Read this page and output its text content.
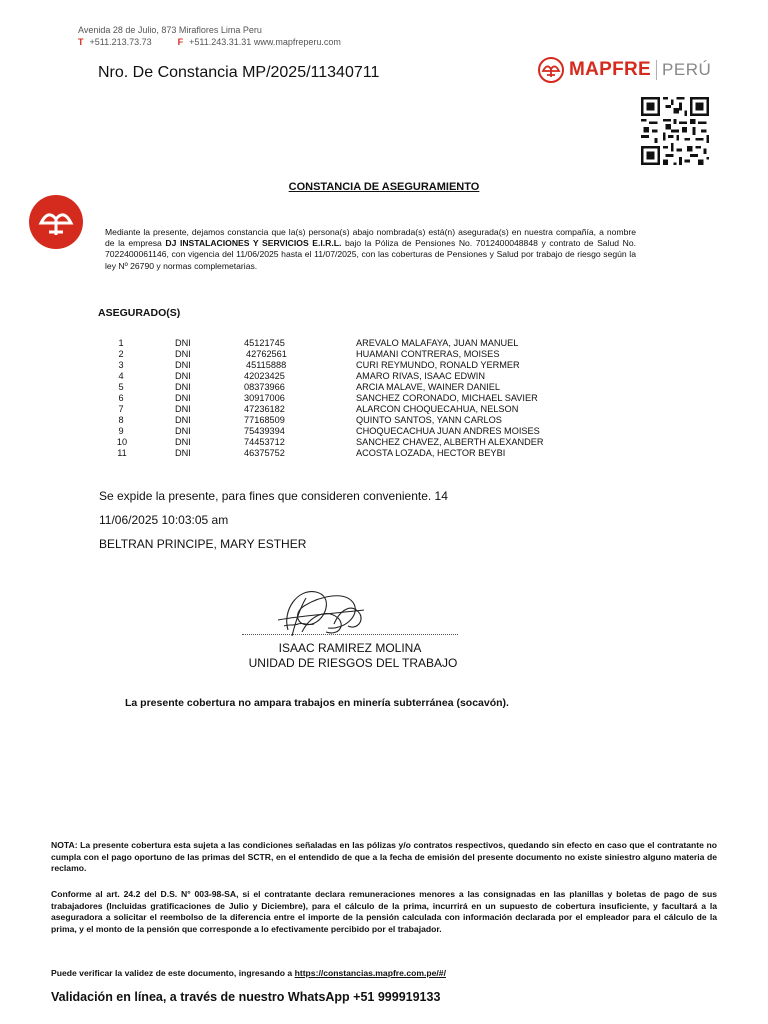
Avenida 28 de Julio, 873 Miraflores Lima Peru
T +511.213.73.73	F +511.243.31.31 www.mapfreperu.com
Nro. De Constancia MP/2025/11340711	MAPFRE PERÚ
CONSTANCIA DE ASEGURAMIENTO
Mediante la presente, dejamos constancia que la(s) persona(s) abajo nombrada(s) está(n) asegurada(s) en nuestra compañía, a nombre de la empresa DJ INSTALACIONES Y SERVICIOS E.I.R.L. bajo la Póliza de Pensiones No. 7012400048848 y contrato de Salud No. 7022400061146, con vigencia del 11/06/2025 hasta el 11/07/2025, con las coberturas de Pensiones y Salud por trabajo de riesgo según la ley Nº 26790 y normas complemetarias.
ASEGURADO(S)
1	DNI	45121745	AREVALO MALAFAYA, JUAN MANUEL
2	DNI	42762561	HUAMANI CONTRERAS, MOISES
3	DNI	45115888	CURI REYMUNDO, RONALD YERMER
4	DNI	42023425	AMARO RIVAS, ISAAC EDWIN
5	DNI	08373966	ARCIA MALAVE, WAINER DANIEL
6	DNI	30917006	SANCHEZ CORONADO, MICHAEL SAVIER
7	DNI	47236182	ALARCON CHOQUECAHUA, NELSON
8	DNI	77168509	QUINTO SANTOS, YANN CARLOS
9	DNI	75439394	CHOQUECACHUA JUAN ANDRES MOISES
10	DNI	74453712	SANCHEZ CHAVEZ, ALBERTH ALEXANDER
11	DNI	46375752	ACOSTA LOZADA, HECTOR BEYBI
Se expide la presente, para fines que consideren conveniente. 14
11/06/2025 10:03:05 am
BELTRAN PRINCIPE, MARY ESTHER
ISAAC RAMIREZ MOLINA
UNIDAD DE RIESGOS DEL TRABAJO
La presente cobertura no ampara trabajos en minería subterránea (socavón).
NOTA: La presente cobertura esta sujeta a las condiciones señaladas en las pólizas y/o contratos respectivos, quedando sin efecto en caso que el contratante no cumpla con el pago oportuno de las primas del SCTR, en el entendido de que a la fecha de emisión del presente documento no existe siniestro alguno materia de reclamo.
Conforme al art. 24.2 del D.S. N° 003-98-SA, si el contratante declara remuneraciones menores a las consignadas en las planillas y boletas de pago de sus trabajadores (Incluidas gratificaciones de Julio y Diciembre), para el cálculo de la prima, incurrirá en un supuesto de cobertura insuficiente, y facultará a la aseguradora a solicitar el reembolso de la diferencia entre el importe de la pensión calculada con información declarada por el empleador para el cálculo de la prima, y el monto de la pensión que corresponde a lo efectivamente percibido por el trabajador.
Puede verificar la validez de este documento, ingresando a https://constancias.mapfre.com.pe/#/
Validación en línea, a través de nuestro WhatsApp +51 999919133
